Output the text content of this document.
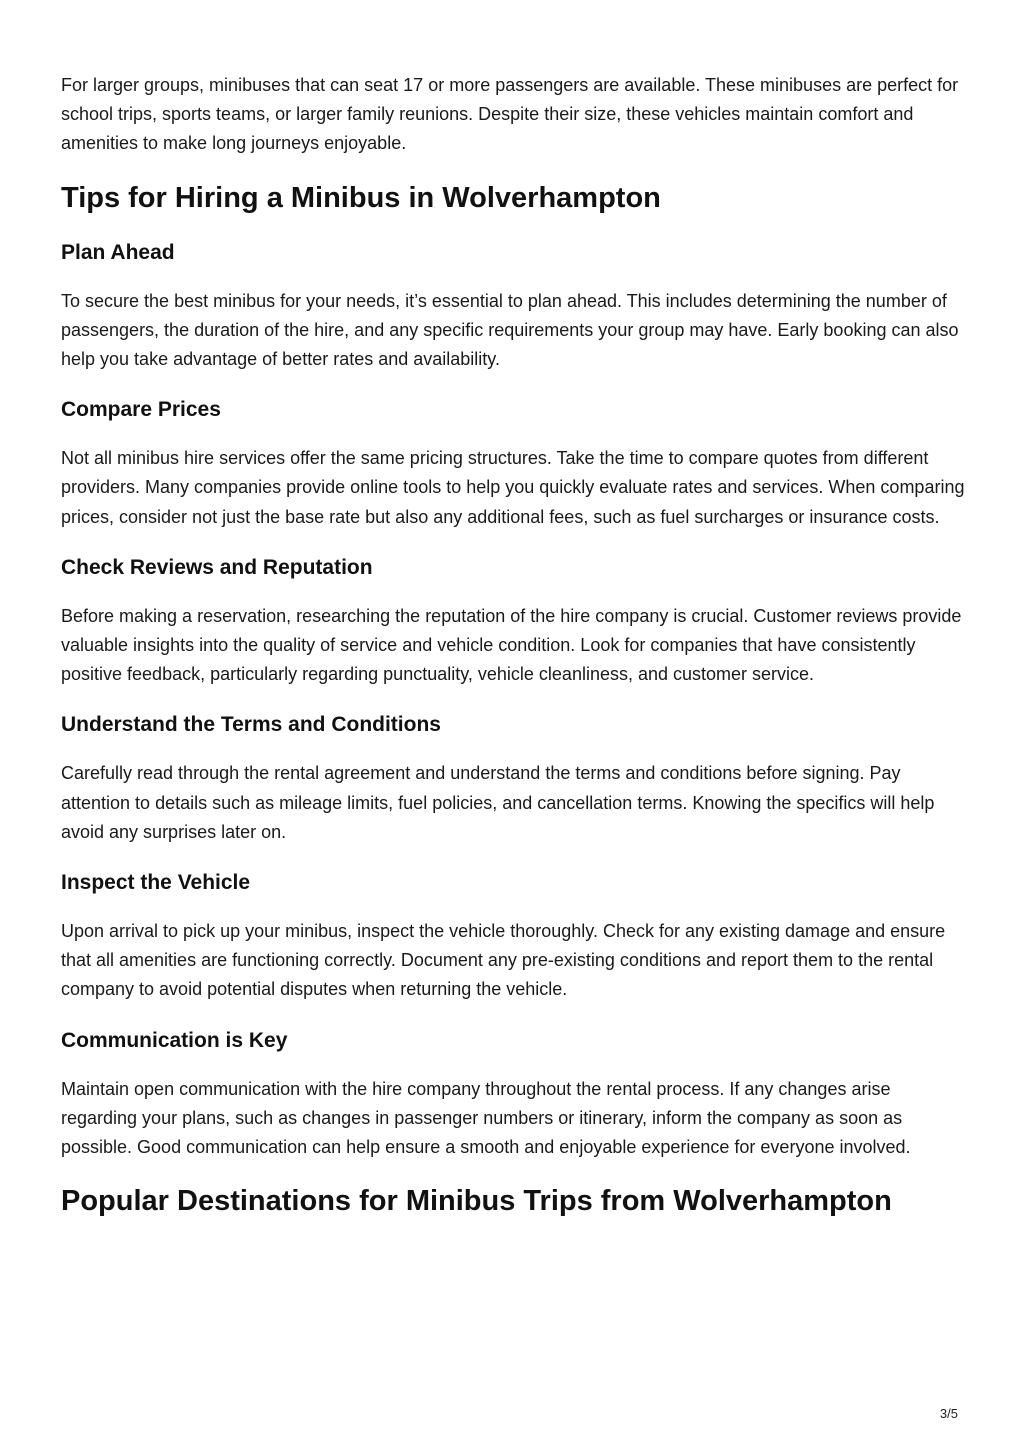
For larger groups, minibuses that can seat 17 or more passengers are available. These minibuses are perfect for school trips, sports teams, or larger family reunions. Despite their size, these vehicles maintain comfort and amenities to make long journeys enjoyable.

Tips for Hiring a Minibus in Wolverhampton
Plan Ahead

To secure the best minibus for your needs, it’s essential to plan ahead. This includes determining the number of passengers, the duration of the hire, and any specific requirements your group may have. Early booking can also help you take advantage of better rates and availability.

Compare Prices

Not all minibus hire services offer the same pricing structures. Take the time to compare quotes from different providers. Many companies provide online tools to help you quickly evaluate rates and services. When comparing prices, consider not just the base rate but also any additional fees, such as fuel surcharges or insurance costs.

Check Reviews and Reputation

Before making a reservation, researching the reputation of the hire company is crucial. Customer reviews provide valuable insights into the quality of service and vehicle condition. Look for companies that have consistently positive feedback, particularly regarding punctuality, vehicle cleanliness, and customer service.

Understand the Terms and Conditions

Carefully read through the rental agreement and understand the terms and conditions before signing. Pay attention to details such as mileage limits, fuel policies, and cancellation terms. Knowing the specifics will help avoid any surprises later on.

Inspect the Vehicle

Upon arrival to pick up your minibus, inspect the vehicle thoroughly. Check for any existing damage and ensure that all amenities are functioning correctly. Document any pre-existing conditions and report them to the rental company to avoid potential disputes when returning the vehicle.

Communication is Key

Maintain open communication with the hire company throughout the rental process. If any changes arise regarding your plans, such as changes in passenger numbers or itinerary, inform the company as soon as possible. Good communication can help ensure a smooth and enjoyable experience for everyone involved.

Popular Destinations for Minibus Trips from Wolverhampton
3/5
